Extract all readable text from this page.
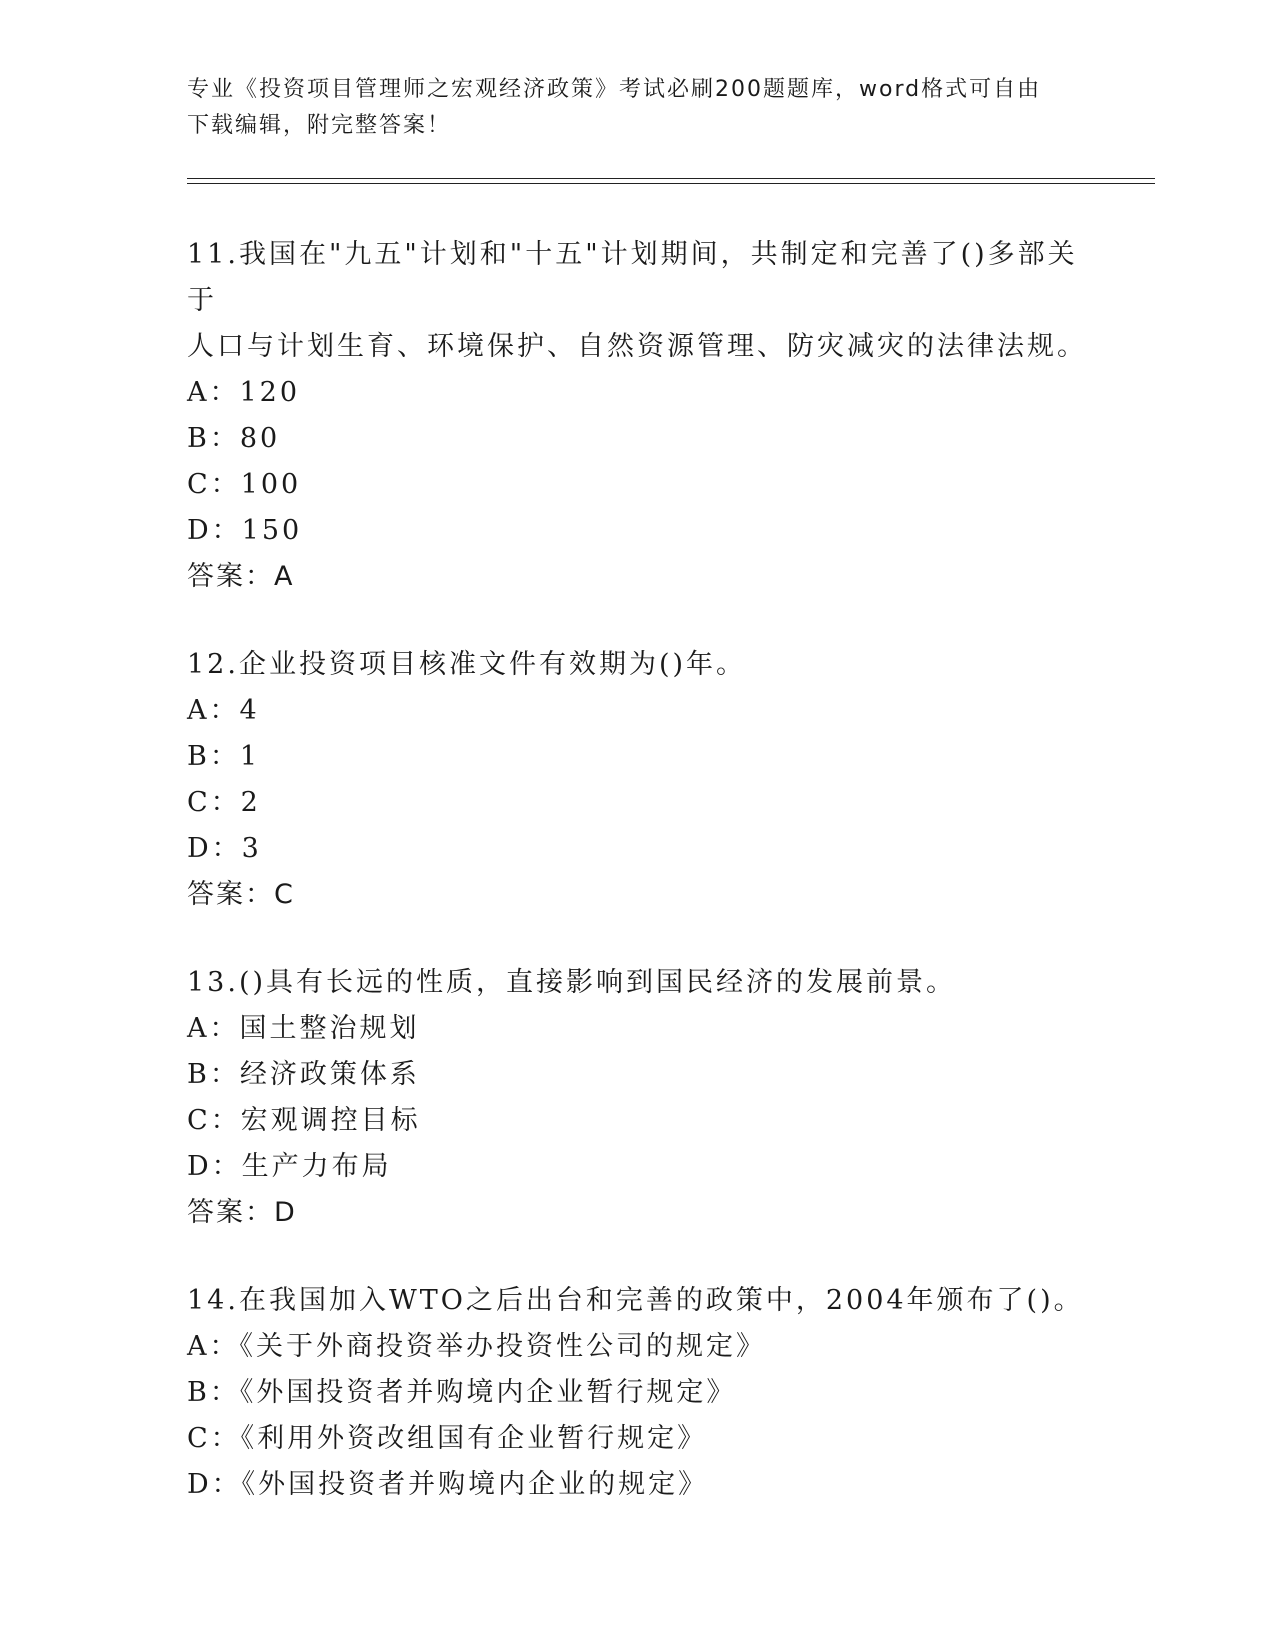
专业《投资项目管理师之宏观经济政策》考试必刷200题题库，word格式可自由
下载编辑，附完整答案！

11.我国在"九五"计划和"十五"计划期间，共制定和完善了()多部关于

人口与计划生育、环境保护、自然资源管理、防灾减灾的法律法规。

A：120

B：80

C：100

D：150

答案：A

12.企业投资项目核准文件有效期为()年。

A：4

B：1

C：2

D：3

答案：C

13.()具有长远的性质，直接影响到国民经济的发展前景。

A：国土整治规划

B：经济政策体系

C：宏观调控目标

D：生产力布局

答案：D

14.在我国加入WTO之后出台和完善的政策中，2004年颁布了()。

A：《关于外商投资举办投资性公司的规定》

B：《外国投资者并购境内企业暂行规定》

C：《利用外资改组国有企业暂行规定》

D：《外国投资者并购境内企业的规定》
